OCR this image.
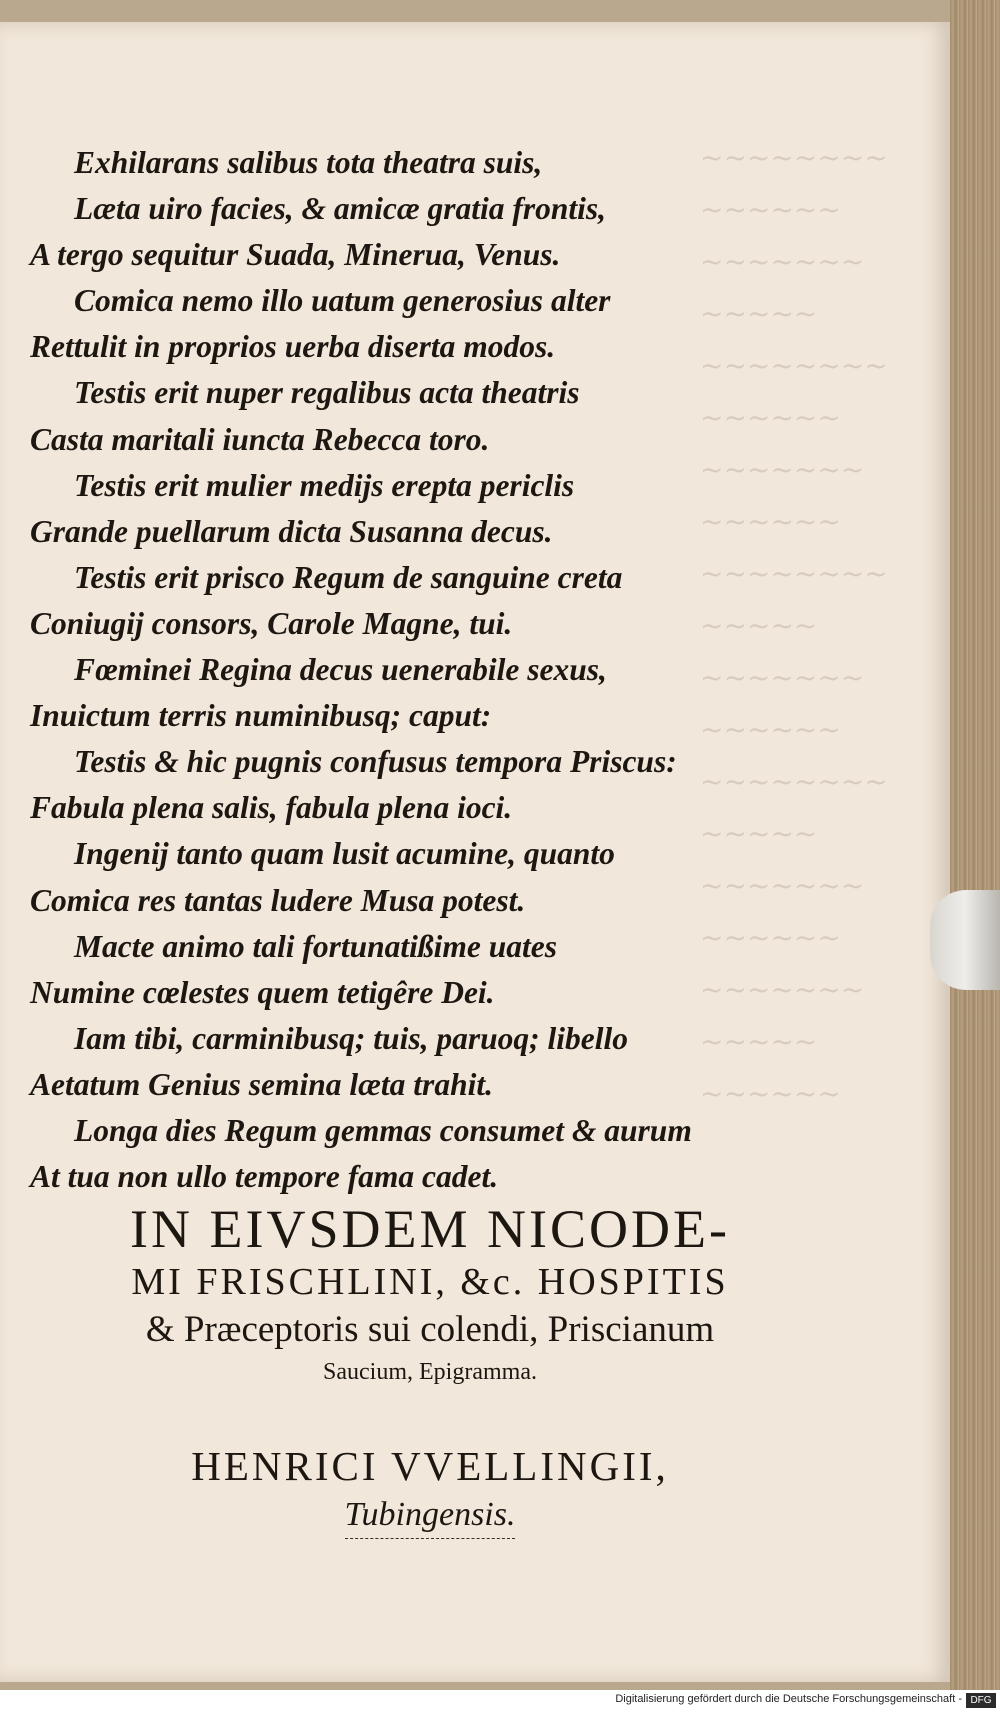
~~~~~~~~
~~~~~~
~~~~~~~
~~~~~
~~~~~~~~
~~~~~~
~~~~~~~
~~~~~~
~~~~~~~~
~~~~~
~~~~~~~
~~~~~~
~~~~~~~~
~~~~~
~~~~~~~
~~~~~~
~~~~~~~
~~~~~
~~~~~~
Exhilarans salibus tota theatra suis,
Læta uiro facies, & amicæ gratia frontis,
A tergo sequitur Suada, Minerua, Venus.
Comica nemo illo uatum generosius alter
Rettulit in proprios uerba diserta modos.
Testis erit nuper regalibus acta theatris
Casta maritali iuncta Rebecca toro.
Testis erit mulier medijs erepta periclis
Grande puellarum dicta Susanna decus.
Testis erit prisco Regum de sanguine creta
Coniugij consors, Carole Magne, tui.
Fœminei Regina decus uenerabile sexus,
Inuictum terris numinibusq; caput:
Testis & hic pugnis confusus tempora Priscus:
Fabula plena salis, fabula plena ioci.
Ingenij tanto quam lusit acumine, quanto
Comica res tantas ludere Musa potest.
Macte animo tali fortunatißime uates
Numine cœlestes quem tetigêre Dei.
Iam tibi, carminibusq; tuis, paruoq; libello
Aetatum Genius semina læta trahit.
Longa dies Regum gemmas consumet & aurum
At tua non ullo tempore fama cadet.
IN EIVSDEM NICODE-
MI FRISCHLINI, &c. HOSPITIS
& Præceptoris sui colendi, Priscianum
Saucium, Epigramma.
HENRICI VVELLINGII,
Tubingensis.
Digitalisierung gefördert durch die Deutsche Forschungsgemeinschaft - DFG
